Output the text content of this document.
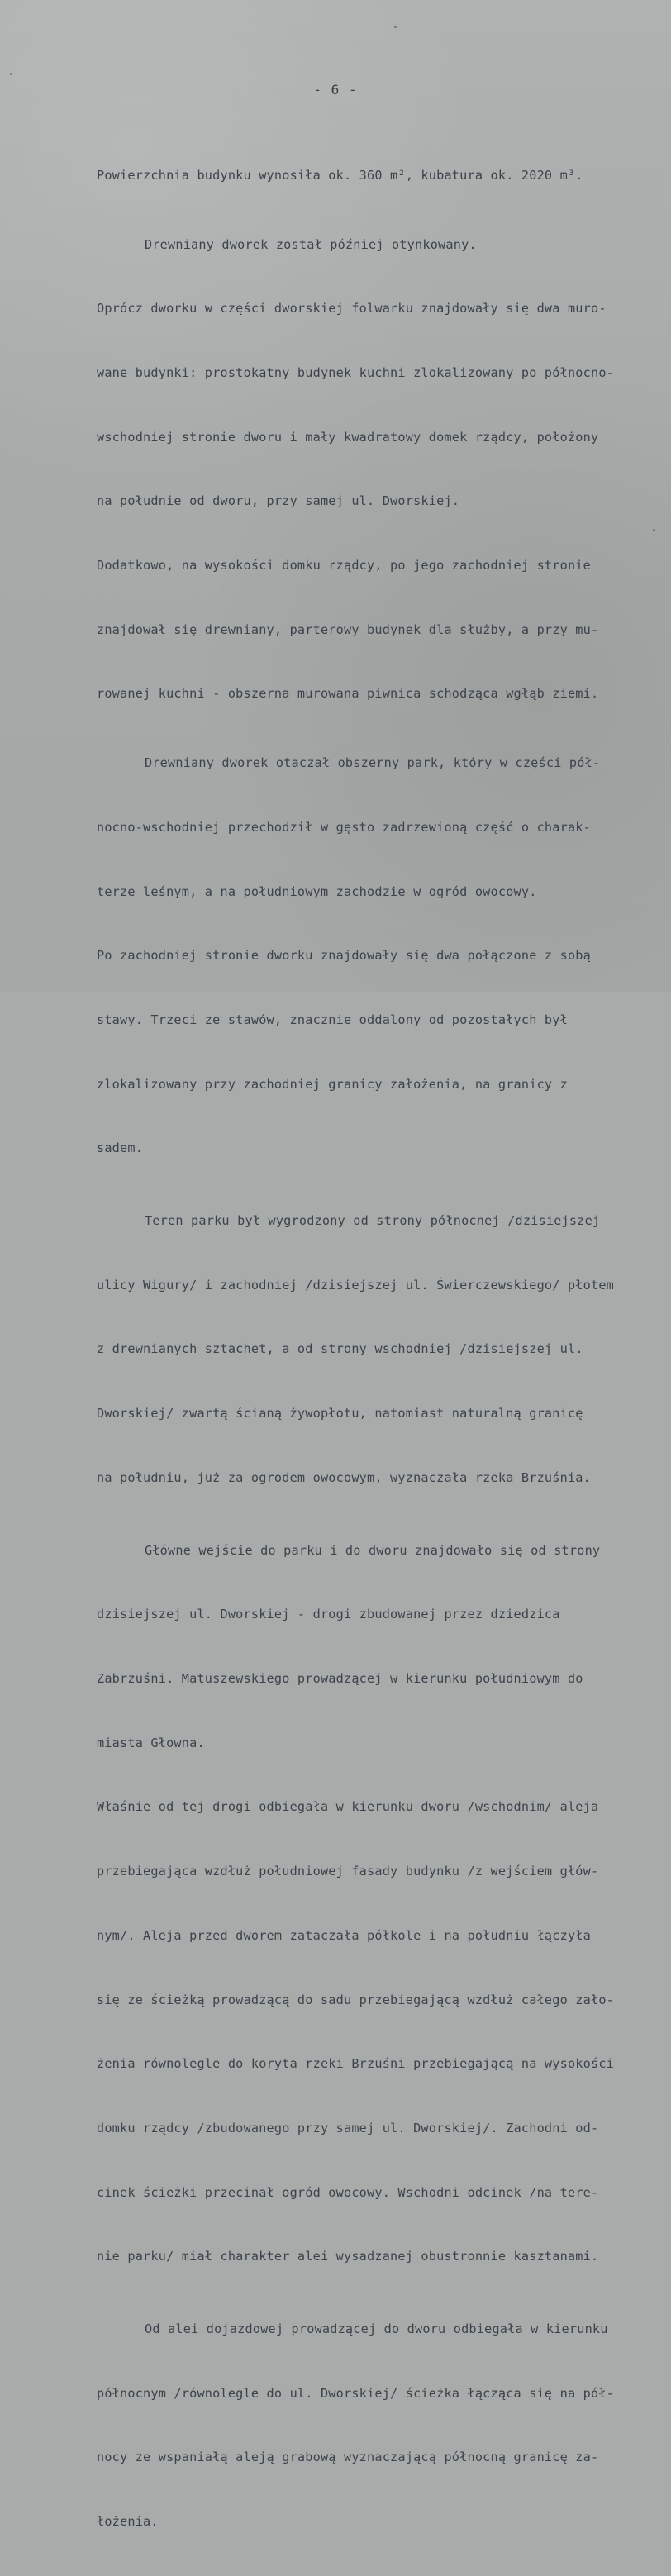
- 6 -

Powierzchnia budynku wynosiła ok. 360 m², kubatura ok. 2020 m³.

Drewniany dworek został później otynkowany.

Oprócz dworku w części dworskiej folwarku znajdowały się dwa muro-

wane budynki: prostokątny budynek kuchni zlokalizowany po północno-

wschodniej stronie dworu i mały kwadratowy domek rządcy, położony

na południe od dworu, przy samej ul. Dworskiej.

Dodatkowo, na wysokości domku rządcy, po jego zachodniej stronie

znajdował się drewniany, parterowy budynek dla służby, a przy mu-

rowanej kuchni - obszerna murowana piwnica schodząca wgłąb ziemi.

Drewniany dworek otaczał obszerny park, który w części pół-

nocno-wschodniej przechodził w gęsto zadrzewioną część o charak-

terze leśnym, a na południowym zachodzie w ogród owocowy.

Po zachodniej stronie dworku znajdowały się dwa połączone z sobą

stawy. Trzeci ze stawów, znacznie oddalony od pozostałych był

zlokalizowany przy zachodniej granicy założenia, na granicy z

sadem.

Teren parku był wygrodzony od strony północnej /dzisiejszej

ulicy Wigury/ i zachodniej /dzisiejszej ul. Świerczewskiego/ płotem

z drewnianych sztachet, a od strony wschodniej /dzisiejszej ul.

Dworskiej/ zwartą ścianą żywopłotu, natomiast naturalną granicę

na południu, już za ogrodem owocowym, wyznaczała rzeka Brzuśnia.

Główne wejście do parku i do dworu znajdowało się od strony

dzisiejszej ul. Dworskiej - drogi zbudowanej przez dziedzica

Zabrzuśni. Matuszewskiego prowadzącej w kierunku południowym do

miasta Głowna.

Właśnie od tej drogi odbiegała w kierunku dworu /wschodnim/ aleja

przebiegająca wzdłuż południowej fasady budynku /z wejściem głów-

nym/. Aleja przed dworem zataczała półkole i na południu łączyła

się ze ścieżką prowadzącą do sadu przebiegającą wzdłuż całego zało-

żenia równolegle do koryta rzeki Brzuśni przebiegającą na wysokości

domku rządcy /zbudowanego przy samej ul. Dworskiej/. Zachodni od-

cinek ścieżki przecinał ogród owocowy. Wschodni odcinek /na tere-

nie parku/ miał charakter alei wysadzanej obustronnie kasztanami.

Od alei dojazdowej prowadzącej do dworu odbiegała w kierunku

północnym /równolegle do ul. Dworskiej/ ścieżka łącząca się na pół-

nocy ze wspaniałą aleją grabową wyznaczającą północną granicę za-

łożenia.
